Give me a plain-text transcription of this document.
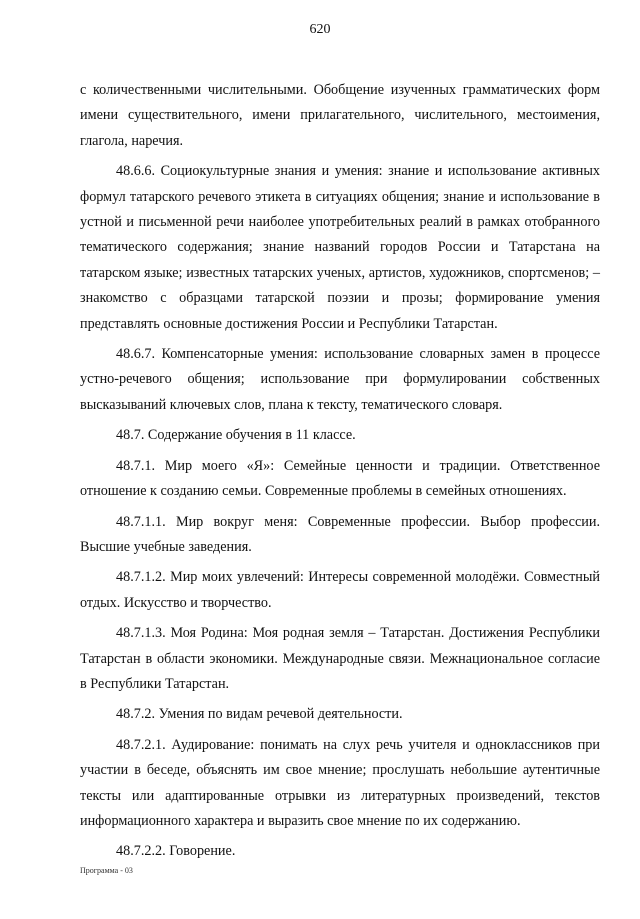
620

с количественными числительными. Обобщение изученных грамматических форм имени существительного, имени прилагательного, числительного, местоимения, глагола, наречия.

48.6.6. Социокультурные знания и умения: знание и использование активных формул татарского речевого этикета в ситуациях общения; знание и использование в устной и письменной речи наиболее употребительных реалий в рамках отобранного тематического содержания; знание названий городов России и Татарстана на татарском языке; известных татарских ученых, артистов, художников, спортсменов; – знакомство с образцами татарской поэзии и прозы; формирование умения представлять основные достижения России и Республики Татарстан.

48.6.7. Компенсаторные умения: использование словарных замен в процессе устно-речевого общения; использование при формулировании собственных высказываний ключевых слов, плана к тексту, тематического словаря.

48.7. Содержание обучения в 11 классе.

48.7.1. Мир моего «Я»: Семейные ценности и традиции. Ответственное отношение к созданию семьи. Современные проблемы в семейных отношениях.

48.7.1.1. Мир вокруг меня: Современные профессии. Выбор профессии. Высшие учебные заведения.

48.7.1.2. Мир моих увлечений: Интересы современной молодёжи. Совместный отдых. Искусство и творчество.

48.7.1.3. Моя Родина: Моя родная земля – Татарстан. Достижения Республики Татарстан в области экономики. Международные связи. Межнациональное согласие в Республики Татарстан.

48.7.2. Умения по видам речевой деятельности.

48.7.2.1. Аудирование: понимать на слух речь учителя и одноклассников при участии в беседе, объяснять им свое мнение; прослушать небольшие аутентичные тексты или адаптированные отрывки из литературных произведений, текстов информационного характера и выразить свое мнение по их содержанию.

48.7.2.2. Говорение.

Программа - 03
